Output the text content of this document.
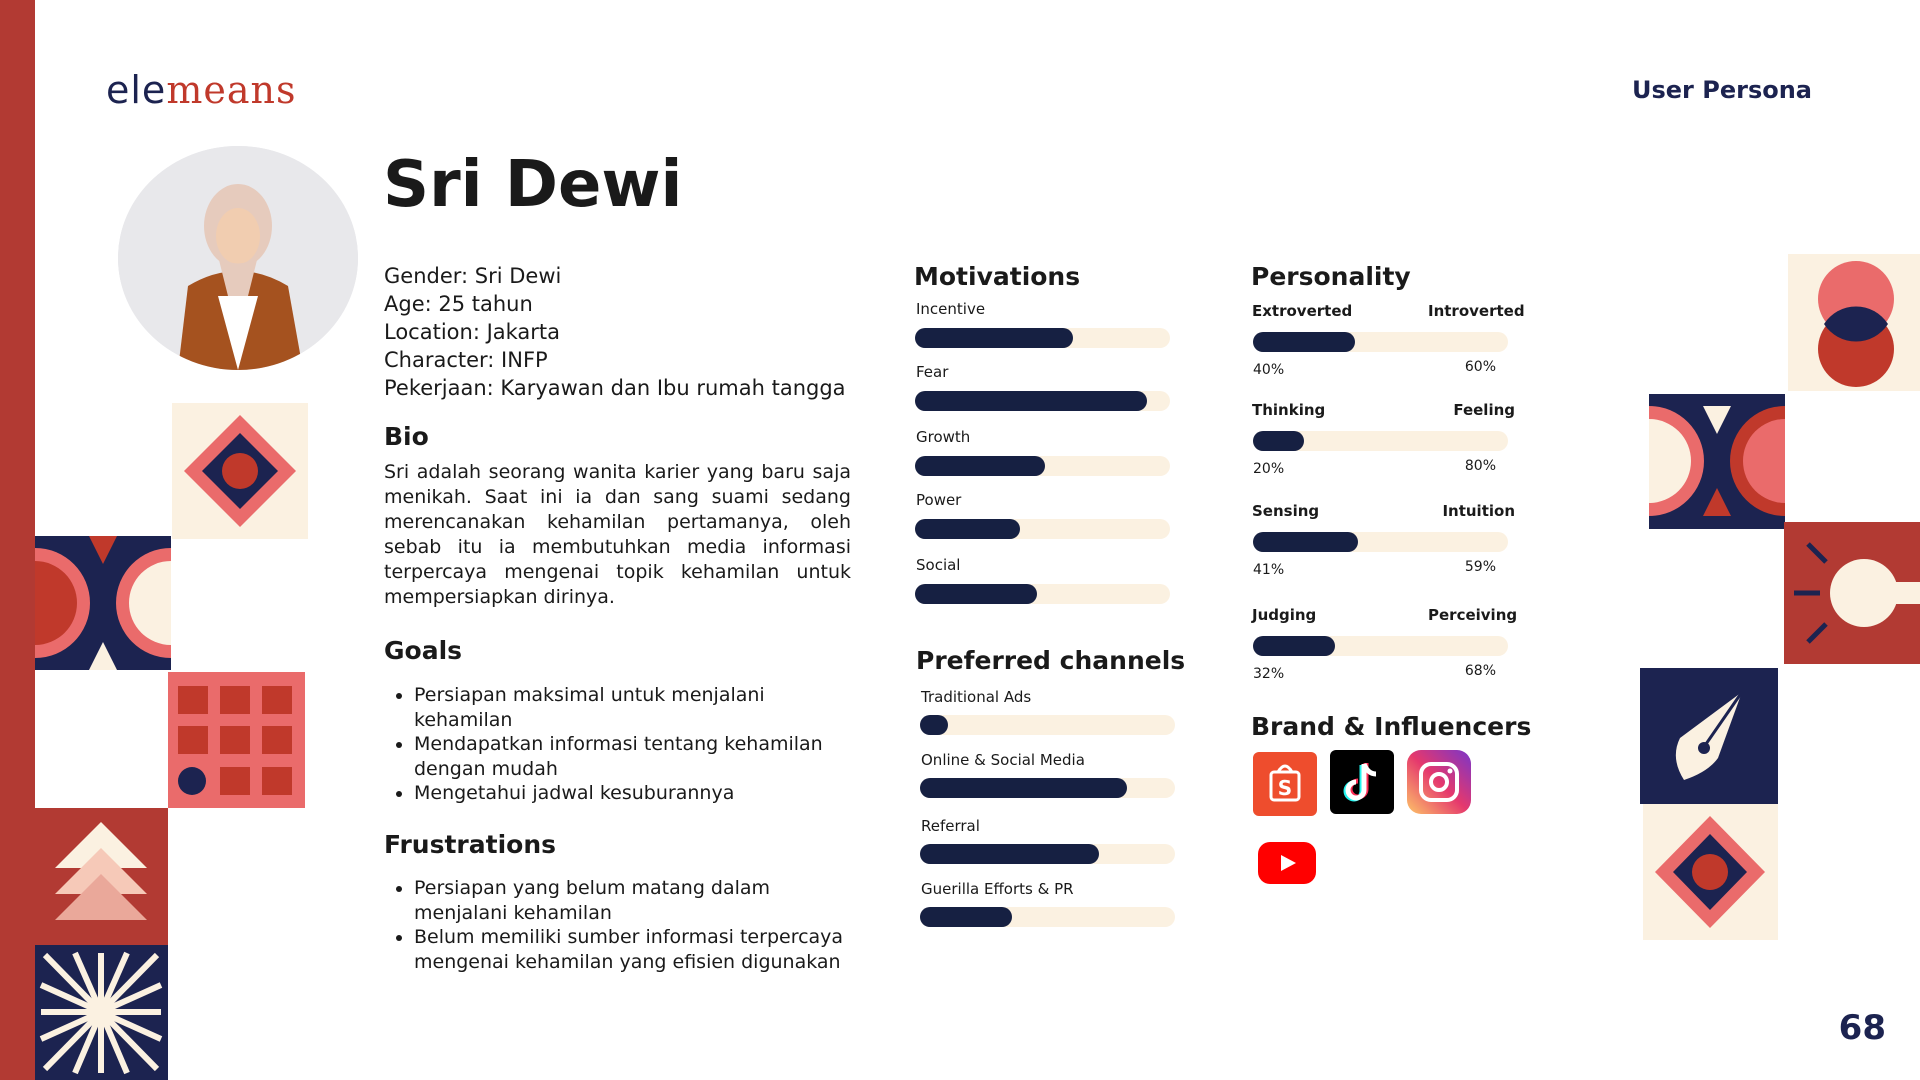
elemeans	User Persona
Sri Dewi
Gender: Sri Dewi
Age: 25 tahun
Location: Jakarta
Character: INFP
Pekerjaan: Karyawan dan Ibu rumah tangga
Bio
Sri adalah seorang wanita karier yang baru saja menikah. Saat ini ia dan sang suami sedang merencanakan kehamilan pertamanya, oleh sebab itu ia membutuhkan media informasi terpercaya mengenai topik kehamilan untuk mempersiapkan dirinya.
Goals
• Persiapan maksimal untuk menjalani kehamilan
• Mendapatkan informasi tentang kehamilan dengan mudah
• Mengetahui jadwal kesuburannya
Frustrations
• Persiapan yang belum matang dalam menjalani kehamilan
• Belum memiliki sumber informasi terpercaya mengenai kehamilan yang efisien digunakan
Motivations
Preferred channels
Personality
Brand & Influencers
S
68
Incentive
Fear
Growth
Power
Social
Traditional Ads
Online & Social Media
Referral
Guerilla Efforts & PR
Extroverted	Introverted
40%	60%
Thinking	Feeling
20%	80%
Sensing	Intuition
41%	59%
Judging	Perceiving
32%	68%
